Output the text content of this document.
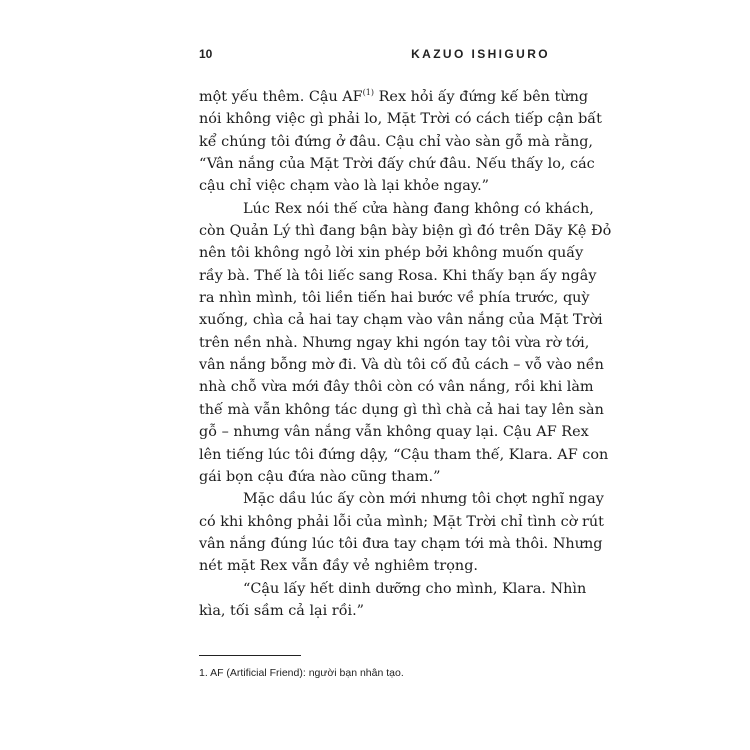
10	KAZUO ISHIGURO
một yếu thêm. Cậu AF$^{(1)}$ Rex hỏi ấy đứng kế bên từng
nói không việc gì phải lo, Mặt Trời có cách tiếp cận bất
kể chúng tôi đứng ở đâu. Cậu chỉ vào sàn gỗ mà rằng,
“Vân nắng của Mặt Trời đấy chứ đâu. Nếu thấy lo, các
cậu chỉ việc chạm vào là lại khỏe ngay.”
Lúc Rex nói thế cửa hàng đang không có khách,
còn Quản Lý thì đang bận bày biện gì đó trên Dãy Kệ Đỏ
nên tôi không ngỏ lời xin phép bởi không muốn quấy
rầy bà. Thế là tôi liếc sang Rosa. Khi thấy bạn ấy ngây
ra nhìn mình, tôi liền tiến hai bước về phía trước, quỳ
xuống, chìa cả hai tay chạm vào vân nắng của Mặt Trời
trên nền nhà. Nhưng ngay khi ngón tay tôi vừa rờ tới,
vân nắng bỗng mờ đi. Và dù tôi cố đủ cách – vỗ vào nền
nhà chỗ vừa mới đây thôi còn có vân nắng, rồi khi làm
thế mà vẫn không tác dụng gì thì chà cả hai tay lên sàn
gỗ – nhưng vân nắng vẫn không quay lại. Cậu AF Rex
lên tiếng lúc tôi đứng dậy, “Cậu tham thế, Klara. AF con
gái bọn cậu đứa nào cũng tham.”
Mặc dầu lúc ấy còn mới nhưng tôi chợt nghĩ ngay
có khi không phải lỗi của mình; Mặt Trời chỉ tình cờ rút
vân nắng đúng lúc tôi đưa tay chạm tới mà thôi. Nhưng
nét mặt Rex vẫn đầy vẻ nghiêm trọng.
“Cậu lấy hết dinh dưỡng cho mình, Klara. Nhìn
kìa, tối sầm cả lại rồi.”
1. AF (Artificial Friend): người bạn nhân tạo.
